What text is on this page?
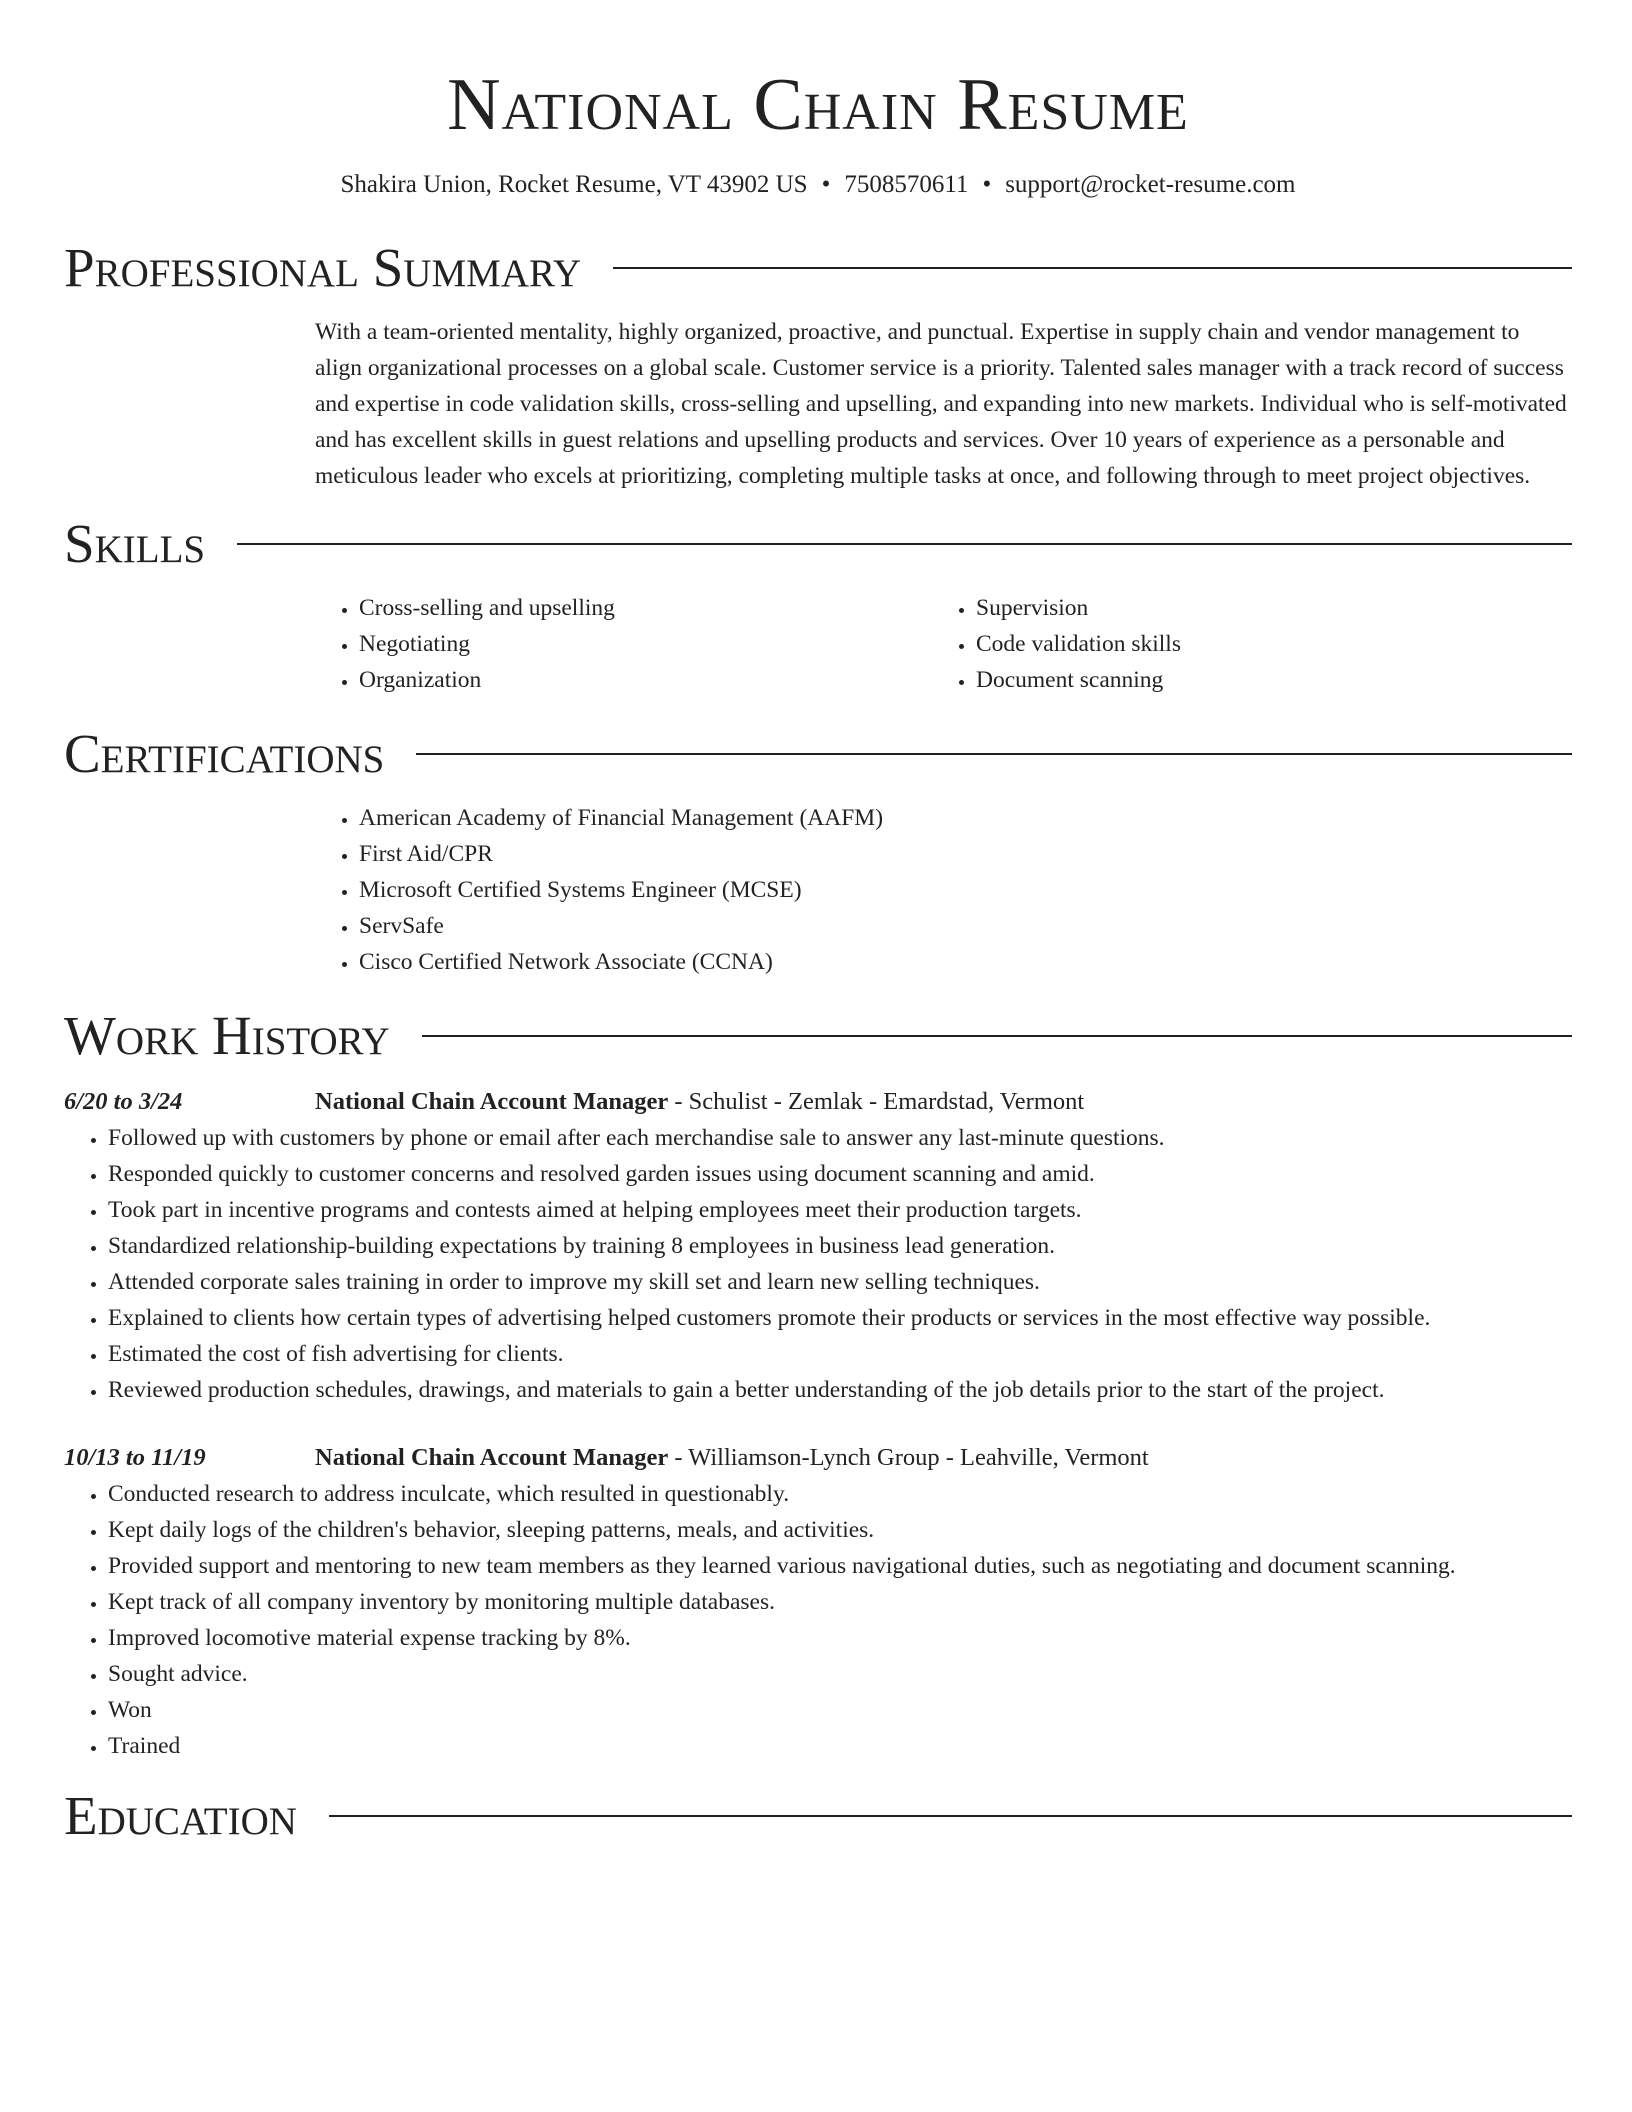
National Chain Resume
Shakira Union, Rocket Resume, VT 43902 US • 7508570611 • support@rocket-resume.com
Professional Summary
With a team-oriented mentality, highly organized, proactive, and punctual. Expertise in supply chain and vendor management to align organizational processes on a global scale. Customer service is a priority. Talented sales manager with a track record of success and expertise in code validation skills, cross-selling and upselling, and expanding into new markets. Individual who is self-motivated and has excellent skills in guest relations and upselling products and services. Over 10 years of experience as a personable and meticulous leader who excels at prioritizing, completing multiple tasks at once, and following through to meet project objectives.
Skills
• Cross-selling and upselling
• Negotiating
• Organization
• Supervision
• Code validation skills
• Document scanning
Certifications
• American Academy of Financial Management (AAFM)
• First Aid/CPR
• Microsoft Certified Systems Engineer (MCSE)
• ServSafe
• Cisco Certified Network Associate (CCNA)
Work History
6/20 to 3/24	National Chain Account Manager - Schulist - Zemlak - Emardstad, Vermont
• Followed up with customers by phone or email after each merchandise sale to answer any last-minute questions.
• Responded quickly to customer concerns and resolved garden issues using document scanning and amid.
• Took part in incentive programs and contests aimed at helping employees meet their production targets.
• Standardized relationship-building expectations by training 8 employees in business lead generation.
• Attended corporate sales training in order to improve my skill set and learn new selling techniques.
• Explained to clients how certain types of advertising helped customers promote their products or services in the most effective way possible.
• Estimated the cost of fish advertising for clients.
• Reviewed production schedules, drawings, and materials to gain a better understanding of the job details prior to the start of the project.
10/13 to 11/19	National Chain Account Manager - Williamson-Lynch Group - Leahville, Vermont
• Conducted research to address inculcate, which resulted in questionably.
• Kept daily logs of the children's behavior, sleeping patterns, meals, and activities.
• Provided support and mentoring to new team members as they learned various navigational duties, such as negotiating and document scanning.
• Kept track of all company inventory by monitoring multiple databases.
• Improved locomotive material expense tracking by 8%.
• Sought advice.
• Won
• Trained
Education
